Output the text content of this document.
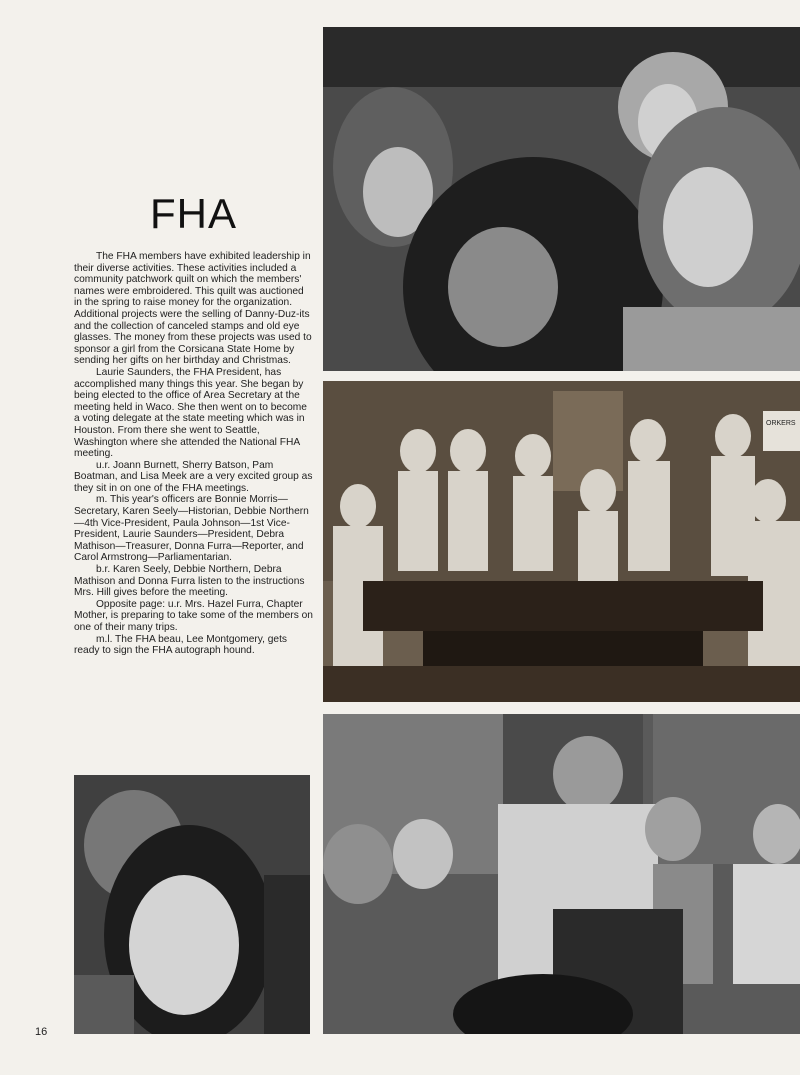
FHA

The FHA members have exhibited leadership in their diverse activities. These activities included a community patchwork quilt on which the members' names were embroidered. This quilt was auctioned in the spring to raise money for the organization. Additional projects were the selling of Danny-Duz-its and the collection of canceled stamps and old eye glasses. The money from these projects was used to sponsor a girl from the Corsicana State Home by sending her gifts on her birthday and Christmas.

Laurie Saunders, the FHA President, has accomplished many things this year. She began by being elected to the office of Area Secretary at the meeting held in Waco. She then went on to become a voting delegate at the state meeting which was in Houston. From there she went to Seattle, Washington where she attended the National FHA meeting.

u.r. Joann Burnett, Sherry Batson, Pam Boatman, and Lisa Meek are a very excited group as they sit in on one of the FHA meetings.

m. This year's officers are Bonnie Morris—Secretary, Karen Seely—Historian, Debbie Northern—4th Vice-President, Paula Johnson—1st Vice-President, Laurie Saunders—President, Debra Mathison—Treasurer, Donna Furra—Reporter, and Carol Armstrong—Parliamentarian.

b.r. Karen Seely, Debbie Northern, Debra Mathison and Donna Furra listen to the instructions Mrs. Hill gives before the meeting.

Opposite page: u.r. Mrs. Hazel Furra, Chapter Mother, is preparing to take some of the members on one of their many trips.

m.l. The FHA beau, Lee Montgomery, gets ready to sign the FHA autograph hound.

ORKERS
16
